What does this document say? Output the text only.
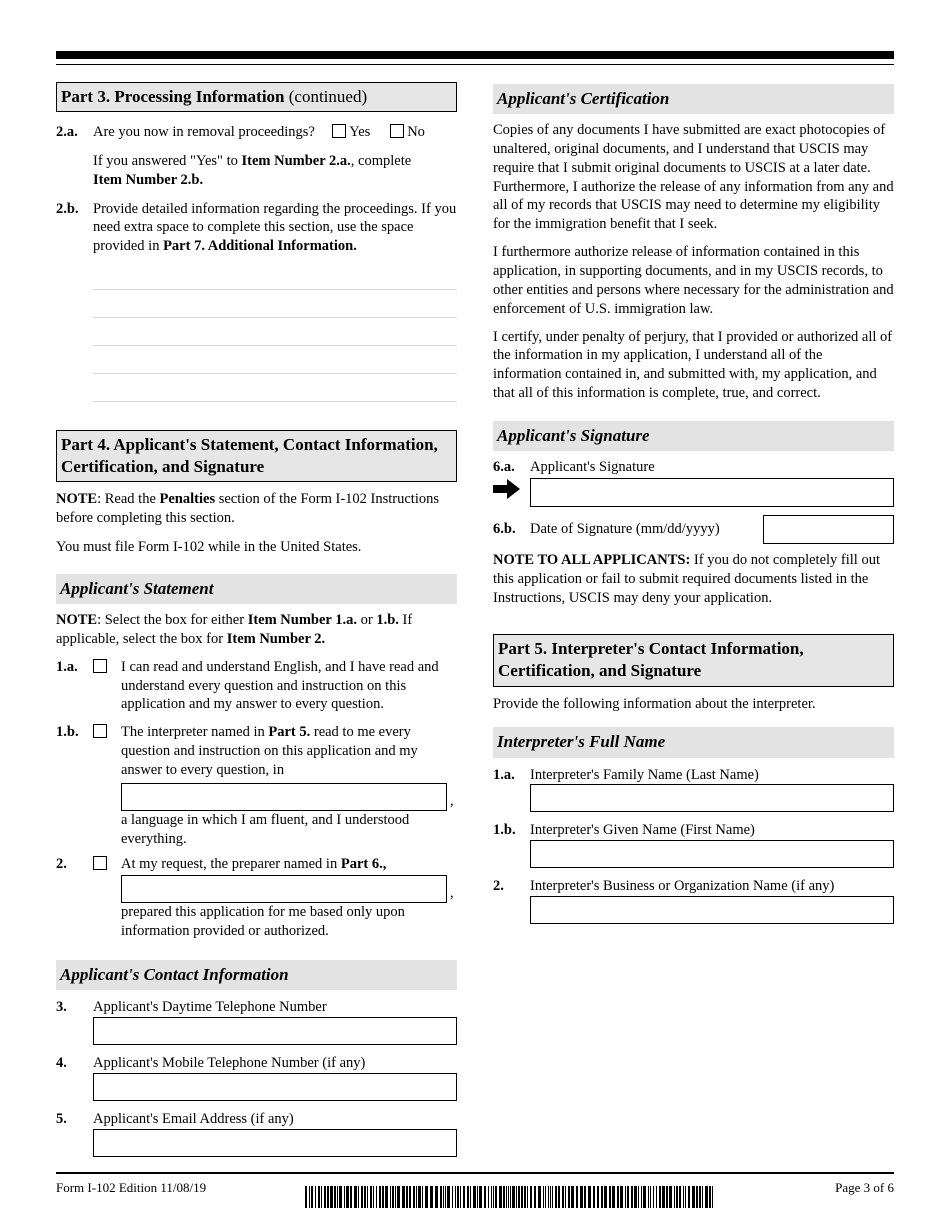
Part 3. Processing Information (continued)
2.a.	Are you now in removal proceedings? Yes	No
If you answered "Yes" to Item Number 2.a., complete
Item Number 2.b.
2.b. Provide detailed information regarding the proceedings. If you need extra space to complete this section, use the space provided in Part 7. Additional Information.
Part 4. Applicant's Statement, Contact Information, Certification, and Signature

NOTE: Read the Penalties section of the Form I-102 Instructions before completing this section.

You must file Form I-102 while in the United States.

Applicant's Statement

NOTE: Select the box for either Item Number 1.a. or 1.b. If applicable, select the box for Item Number 2.

1.a.	I can read and understand English, and I have read and understand every question and instruction on this application and my answer to every question.
1.b.	The interpreter named in Part 5. read to me every question and instruction on this application and my answer to every question, in
,
a language in which I am fluent, and I understood everything.
2.	At my request, the preparer named in Part 6.,
,
prepared this application for me based only upon information provided or authorized.
Applicant's Contact Information
3.	Applicant's Daytime Telephone Number
4.	Applicant's Mobile Telephone Number (if any)
5.	Applicant's Email Address (if any)
Applicant's Certification

Copies of any documents I have submitted are exact photocopies of unaltered, original documents, and I understand that USCIS may require that I submit original documents to USCIS at a later date. Furthermore, I authorize the release of any information from any and all of my records that USCIS may need to determine my eligibility for the immigration benefit that I seek.

I furthermore authorize release of information contained in this application, in supporting documents, and in my USCIS records, to other entities and persons where necessary for the administration and enforcement of U.S. immigration law.

I certify, under penalty of perjury, that I provided or authorized all of the information in my application, I understand all of the information contained in, and submitted with, my application, and that all of this information is complete, true, and correct.

Applicant's Signature
6.a.	Applicant's Signature
6.b. Date of Signature (mm/dd/yyyy)

NOTE TO ALL APPLICANTS: If you do not completely fill out this application or fail to submit required documents listed in the Instructions, USCIS may deny your application.

Part 5. Interpreter's Contact Information, Certification, and Signature

Provide the following information about the interpreter.

Interpreter's Full Name
1.a.	Interpreter's Family Name (Last Name)
1.b. Interpreter's Given Name (First Name)
2.	Interpreter's Business or Organization Name (if any)
Form I-102 Edition 11/08/19	Page 3 of 6
